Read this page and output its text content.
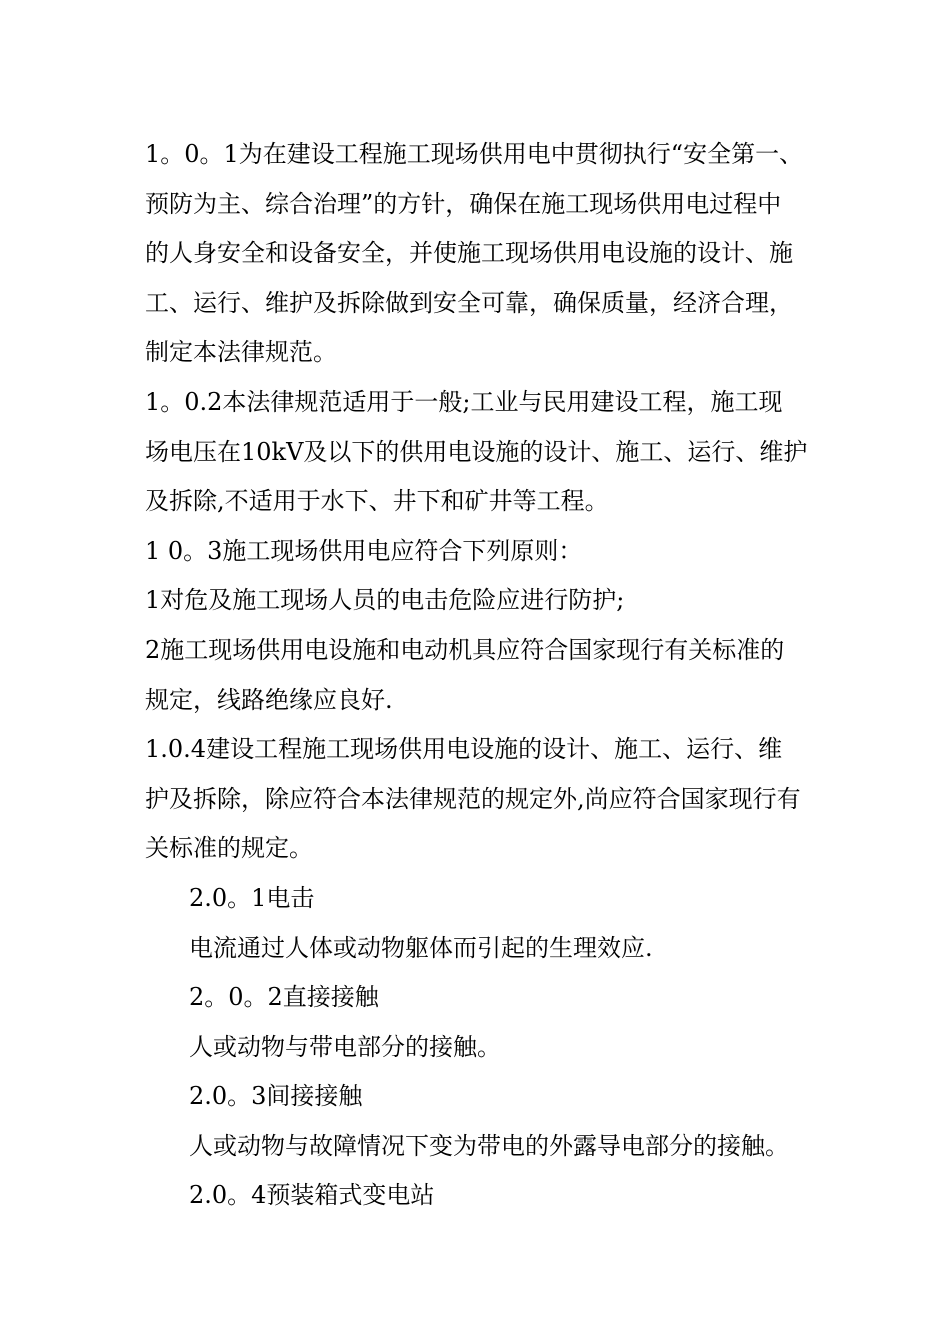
1。0。1为在建设工程施工现场供用电中贯彻执行“安全第一、
预防为主、综合治理”的方针，确保在施工现场供用电过程中
的人身安全和设备安全，并使施工现场供用电设施的设计、施
工、运行、维护及拆除做到安全可靠，确保质量，经济合理，
制定本法律规范。
1。0.2本法律规范适用于一般;工业与民用建设工程，施工现
场电压在10kV及以下的供用电设施的设计、施工、运行、维护
及拆除,不适用于水下、井下和矿井等工程。
1 0。3施工现场供用电应符合下列原则：
1对危及施工现场人员的电击危险应进行防护;
2施工现场供用电设施和电动机具应符合国家现行有关标准的
规定，线路绝缘应良好.
1.0.4建设工程施工现场供用电设施的设计、施工、运行、维
护及拆除，除应符合本法律规范的规定外,尚应符合国家现行有
关标准的规定。
2.0。1电击
电流通过人体或动物躯体而引起的生理效应.
2。0。2直接接触
人或动物与带电部分的接触。
2.0。3间接接触
人或动物与故障情况下变为带电的外露导电部分的接触。
2.0。4预装箱式变电站
